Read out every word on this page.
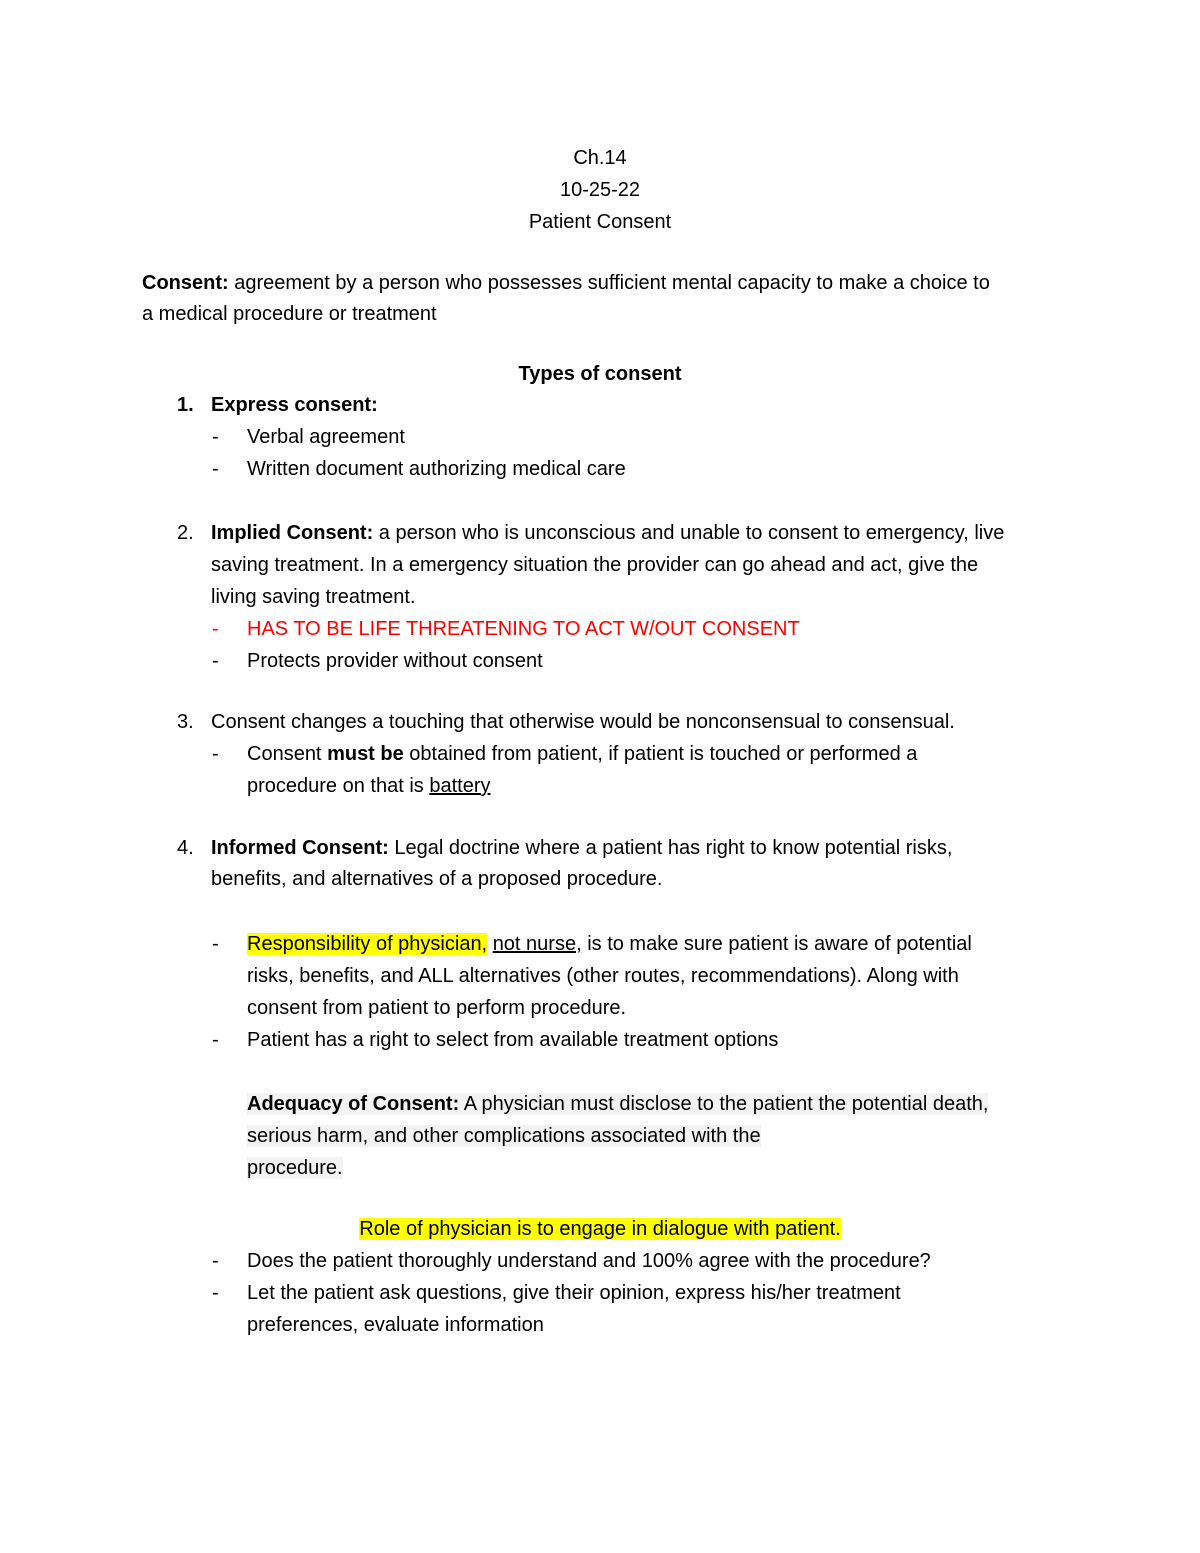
Ch.14
10-25-22
Patient Consent
Consent: agreement by a person who possesses sufficient mental capacity to make a choice to
a medical procedure or treatment
Types of consent
1. Express consent:
- Verbal agreement
- Written document authorizing medical care
2. Implied Consent: a person who is unconscious and unable to consent to emergency, live
saving treatment. In a emergency situation the provider can go ahead and act, give the
living saving treatment.
- HAS TO BE LIFE THREATENING TO ACT W/OUT CONSENT
- Protects provider without consent
3. Consent changes a touching that otherwise would be nonconsensual to consensual.
- Consent must be obtained from patient, if patient is touched or performed a
procedure on that is battery
4. Informed Consent: Legal doctrine where a patient has right to know potential risks,
benefits, and alternatives of a proposed procedure.
- Responsibility of physician, not nurse, is to make sure patient is aware of potential
risks, benefits, and ALL alternatives (other routes, recommendations). Along with
consent from patient to perform procedure.
- Patient has a right to select from available treatment options
Adequacy of Consent: A physician must disclose to the patient the potential death,
serious harm, and other complications associated with the
procedure.
Role of physician is to engage in dialogue with patient.
- Does the patient thoroughly understand and 100% agree with the procedure?
- Let the patient ask questions, give their opinion, express his/her treatment
preferences, evaluate information
